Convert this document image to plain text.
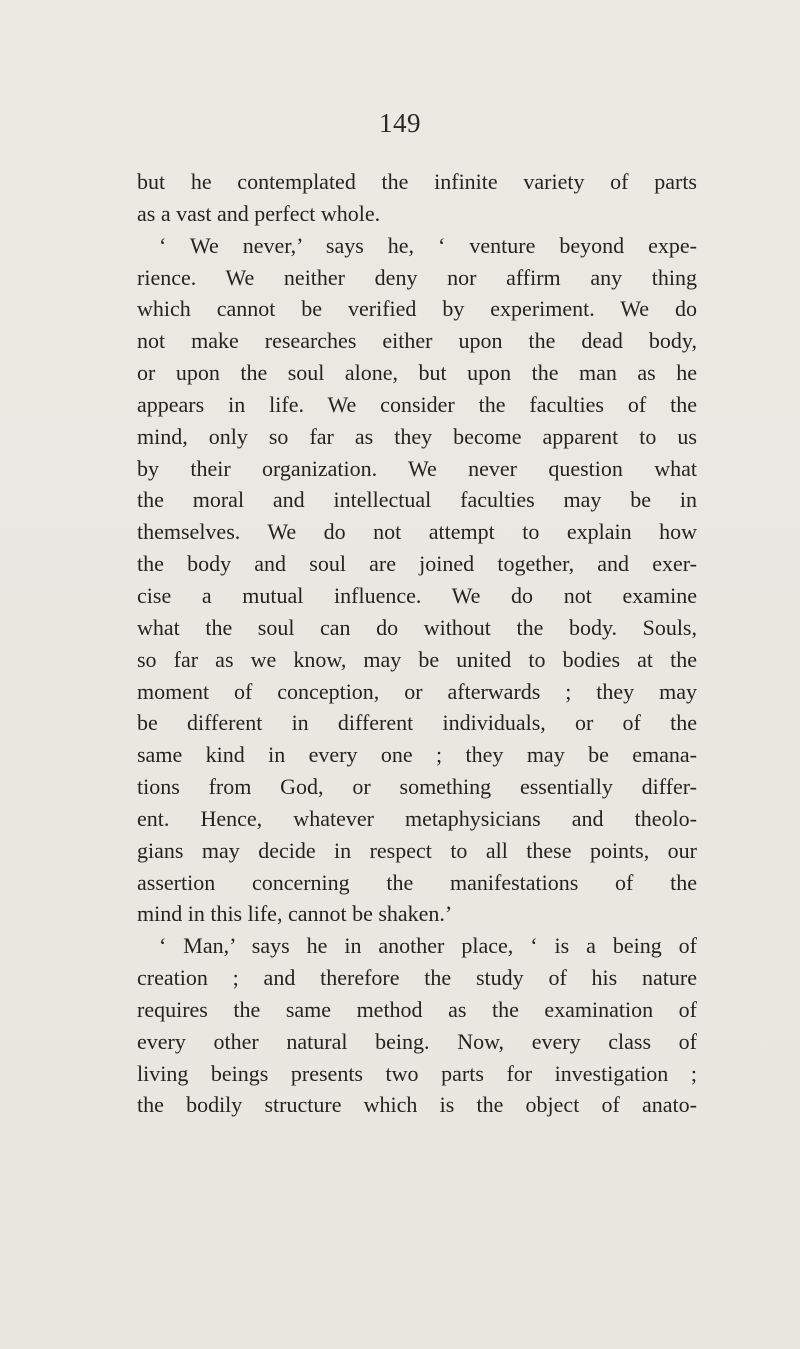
149
but he contemplated the infinite variety of parts
as a vast and perfect whole.
‘ We never,’ says he, ‘ venture beyond expe-
rience. We neither deny nor affirm any thing
which cannot be verified by experiment. We do
not make researches either upon the dead body,
or upon the soul alone, but upon the man as he
appears in life. We consider the faculties of the
mind, only so far as they become apparent to us
by their organization. We never question what
the moral and intellectual faculties may be in
themselves. We do not attempt to explain how
the body and soul are joined together, and exer-
cise a mutual influence. We do not examine
what the soul can do without the body. Souls,
so far as we know, may be united to bodies at the
moment of conception, or afterwards ; they may
be different in different individuals, or of the
same kind in every one ; they may be emana-
tions from God, or something essentially differ-
ent. Hence, whatever metaphysicians and theolo-
gians may decide in respect to all these points, our
assertion concerning the manifestations of the
mind in this life, cannot be shaken.’
‘ Man,’ says he in another place, ‘ is a being of
creation ; and therefore the study of his nature
requires the same method as the examination of
every other natural being. Now, every class of
living beings presents two parts for investigation ;
the bodily structure which is the object of anato-
